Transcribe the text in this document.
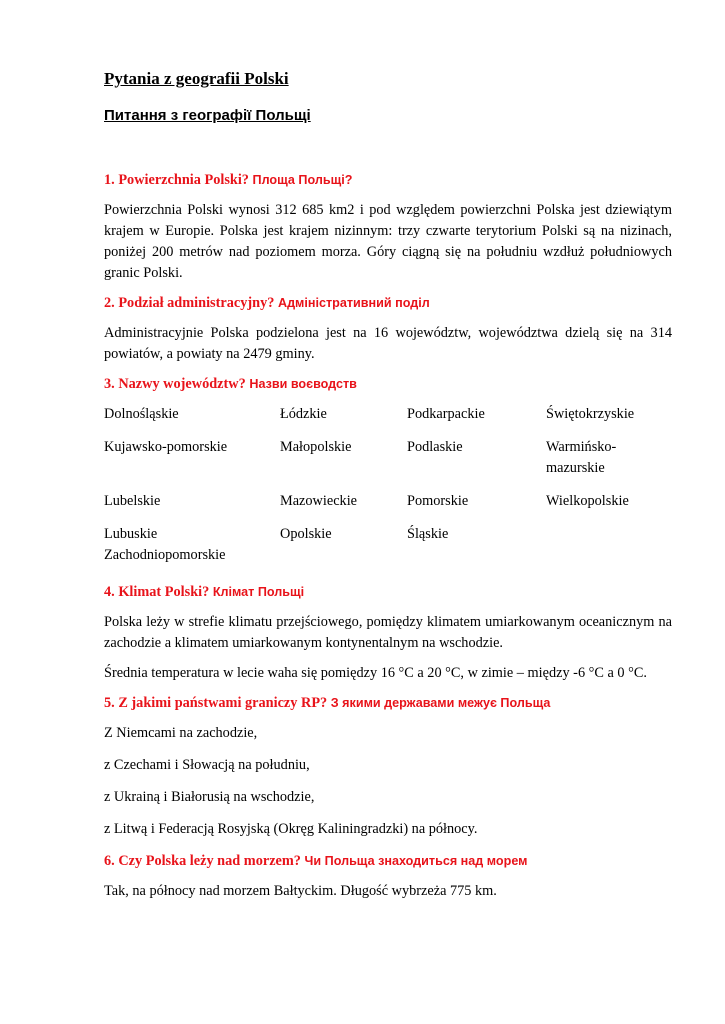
Pytania z geografii Polski

Питання з географії Польщі

1. Powierzchnia Polski? Площа Польщі?

Powierzchnia Polski wynosi 312 685 km2 i pod względem powierzchni Polska jest dziewiątym krajem w Europie. Polska jest krajem nizinnym: trzy czwarte terytorium Polski są na nizinach, poniżej 200 metrów nad poziomem morza. Góry ciągną się na południu wzdłuż południowych granic Polski.

2. Podział administracyjny? Адміністративний поділ

Administracyjnie Polska podzielona jest na 16 województw, województwa dzielą się na 314 powiatów, a powiaty na 2479 gminy.

3. Nazwy województw? Назви воєводств
Dolnośląskie	Łódzkie	Podkarpackie	Świętokrzyskie
Kujawsko-pomorskie	Małopolskie	Podlaskie	Warmińsko-mazurskie
Lubelskie	Mazowieckie	Pomorskie	Wielkopolskie
Lubuskie Zachodniopomorskie	Opolskie	Śląskie	
4. Klimat Polski? Клімат Польщі

Polska leży w strefie klimatu przejściowego, pomiędzy klimatem umiarkowanym oceanicznym na zachodzie a klimatem umiarkowanym kontynentalnym na wschodzie.

Średnia temperatura w lecie waha się pomiędzy 16 °C a 20 °C, w zimie – między -6 °C a 0 °C.

5. Z jakimi państwami graniczy RP? З якими державами межує Польща

Z Niemcami na zachodzie,

z Czechami i Słowacją na południu,

z Ukrainą i Białorusią na wschodzie,

z Litwą i Federacją Rosyjską (Okręg Kaliningradzki) na północy.

6. Czy Polska leży nad morzem? Чи Польща знаходиться над морем

Tak, na północy nad morzem Bałtyckim. Długość wybrzeża 775 km.
